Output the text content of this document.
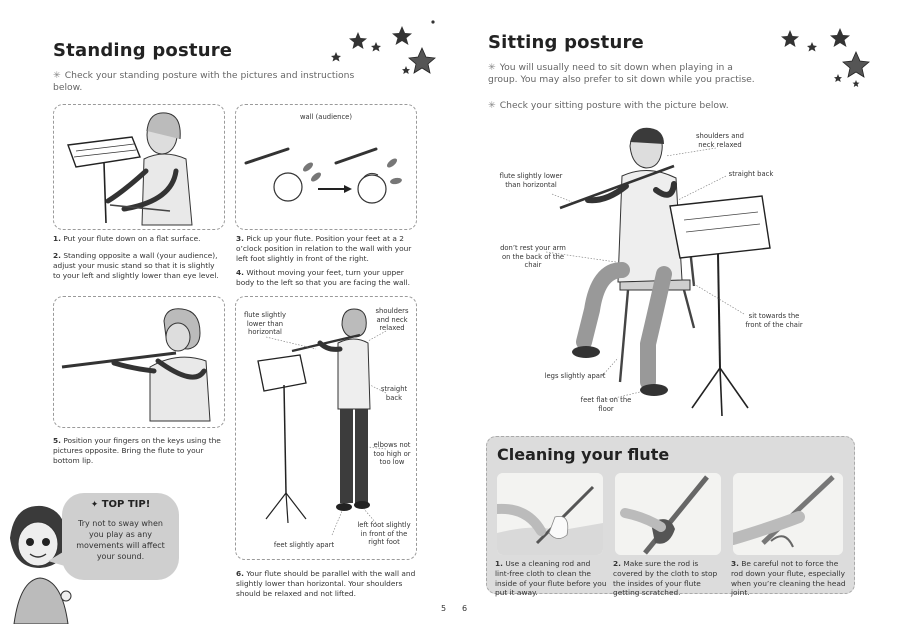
Standing posture
✳ Check your standing posture with the pictures and instructions below.
1. Put your flute down on a flat surface.
2. Standing opposite a wall (your audience), adjust your music stand so that it is slightly to your left and slightly lower than eye level.
wall (audience)
3. Pick up your flute. Position your feet at a 2 o’clock position in relation to the wall with your left foot slightly in front of the right.
4. Without moving your feet, turn your upper body to the left so that you are facing the wall.
5. Position your fingers on the keys using the pictures opposite. Bring the flute to your bottom lip.
flute slightly lower than horizontal
shoulders and neck relaxed
straight back
elbows not too high or too low
left foot slightly in front of the right foot
feet slightly apart
6. Your flute should be parallel with the wall and slightly lower than horizontal. Your shoulders should be relaxed and not lifted.
✦ TOP TIP!
Try not to sway when you play as any movements will affect your sound.
5 6
Sitting posture
✳ You will usually need to sit down when playing in a group. You may also prefer to sit down while you practise.
✳ Check your sitting posture with the picture below.
shoulders and neck relaxed
straight back
flute slightly lower than horizontal
don’t rest your arm on the back of the chair
sit towards the front of the chair
legs slightly apart
feet flat on the floor
Cleaning your flute
1. Use a cleaning rod and lint-free cloth to clean the inside of your flute before you put it away.
2. Make sure the rod is covered by the cloth to stop the insides of your flute getting scratched.
3. Be careful not to force the rod down your flute, especially when you’re cleaning the head joint.
